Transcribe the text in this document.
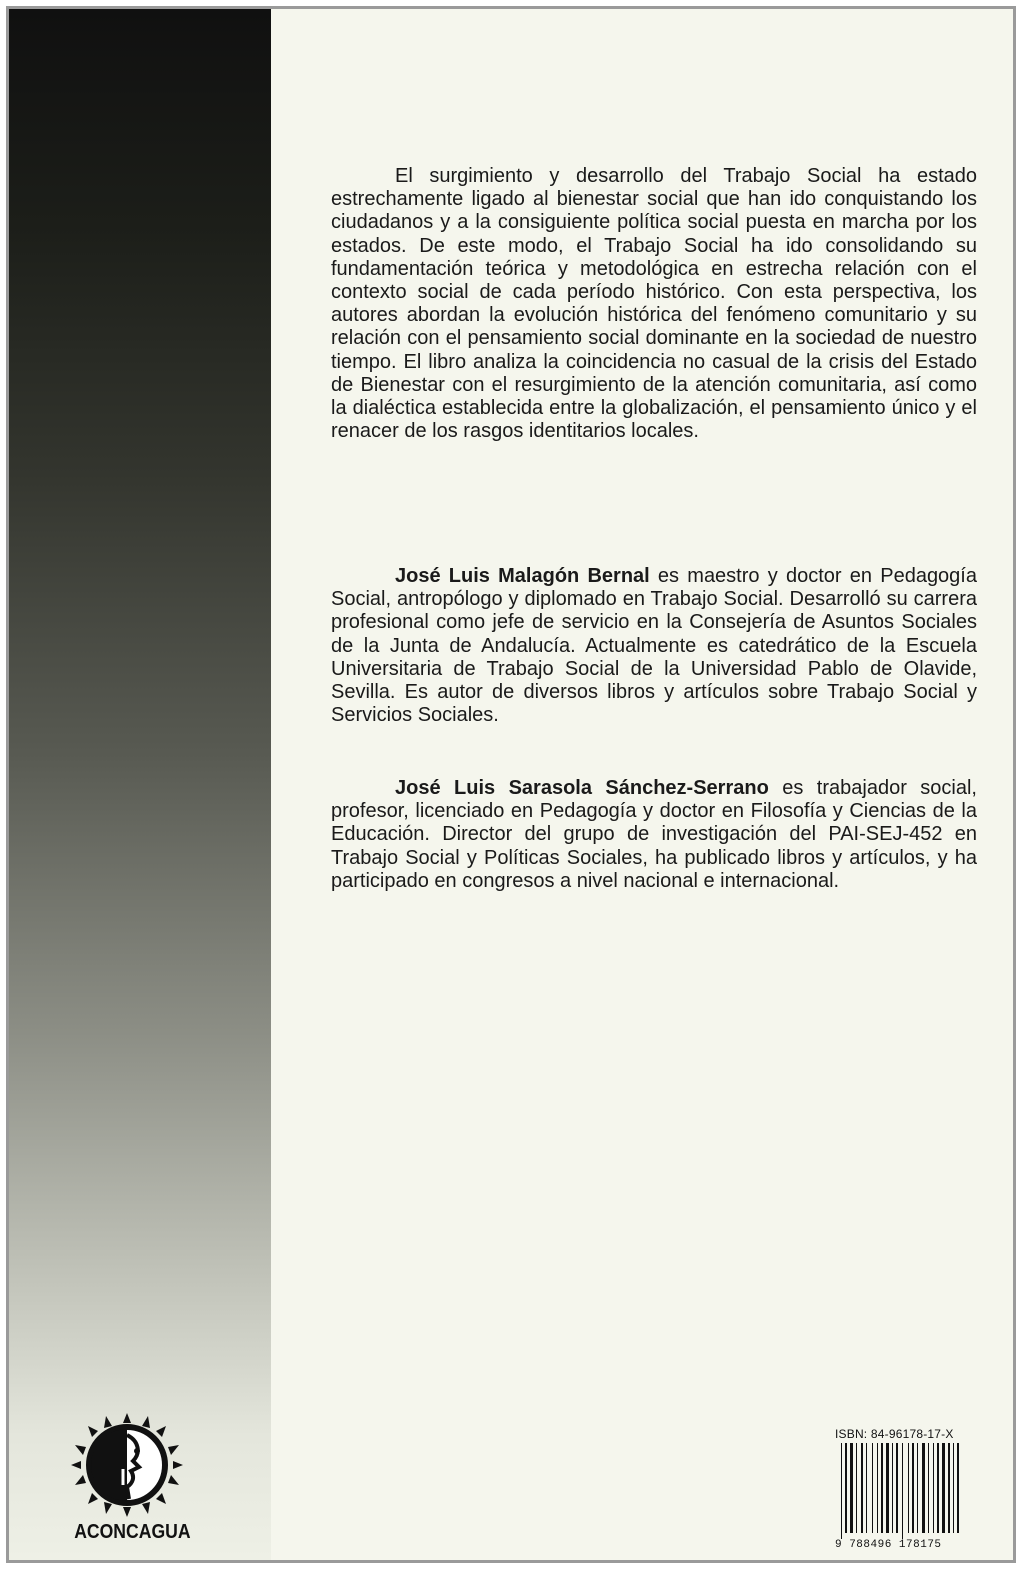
El surgimiento y desarrollo del Trabajo Social ha estado estrechamente ligado al bienestar social que han ido conquistando los ciudadanos y a la consiguiente política social puesta en marcha por los estados. De este modo, el Trabajo Social ha ido consolidando su fundamentación teórica y metodológica en estrecha relación con el contexto social de cada período histórico. Con esta perspectiva, los autores abordan la evolución histórica del fenómeno comunitario y su relación con el pensamiento social dominante en la sociedad de nuestro tiempo. El libro analiza la coincidencia no casual de la crisis del Estado de Bienestar con el resurgimiento de la atención comunitaria, así como la dialéctica establecida entre la globalización, el pensamiento único y el renacer de los rasgos identitarios locales.

José Luis Malagón Bernal es maestro y doctor en Pedagogía Social, antropólogo y diplomado en Trabajo Social. Desarrolló su carrera profesional como jefe de servicio en la Consejería de Asuntos Sociales de la Junta de Andalucía. Actualmente es catedrático de la Escuela Universitaria de Trabajo Social de la Universidad Pablo de Olavide, Sevilla. Es autor de diversos libros y artículos sobre Trabajo Social y Servicios Sociales.

José Luis Sarasola Sánchez-Serrano es trabajador social, profesor, licenciado en Pedagogía y doctor en Filosofía y Ciencias de la Educación. Director del grupo de investigación del PAI-SEJ-452 en Trabajo Social y Políticas Sociales, ha publicado libros y artículos, y ha participado en congresos a nivel nacional e internacional.

ACONCAGUA
ISBN: 84-96178-17-X
9 788496 178175
